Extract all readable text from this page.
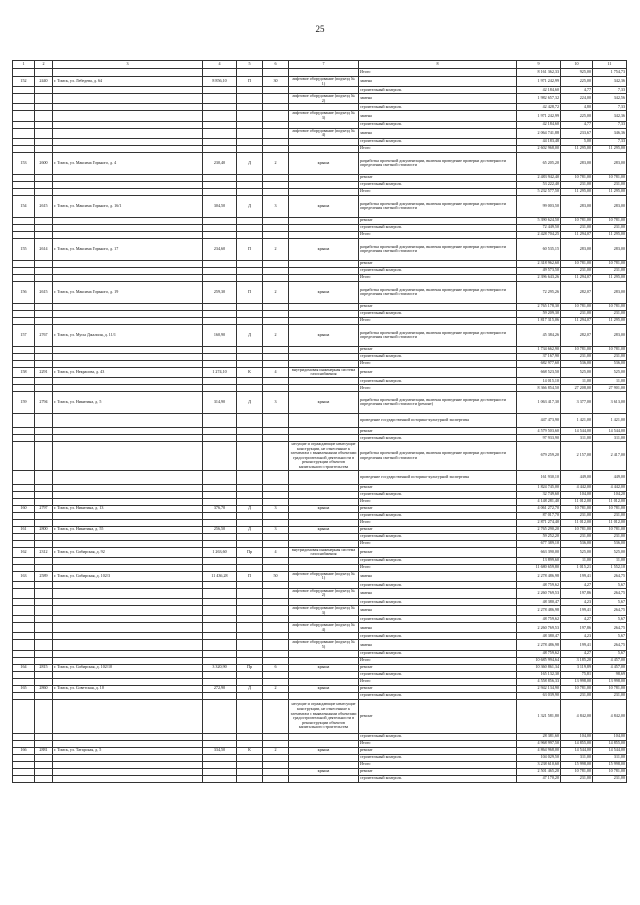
25
1	2	3	4	5	6	7	8	9	10	11
							Итого	8 161 362,33	925,00	1 754,73
152	2440	г. Томск, ул. Лебедева, д. 64	8 856,10	П	30	лифтовое оборудование (подъезд № 1)	замена	1 971 242,99	225,00	342,36
							строительный контроль	42 184,60	4,77	7,33
						лифтовое оборудование (подъезд № 2)	замена	1 982 657,32	224,00	342,56
							строительный контроль	42 428,72	4,80	7,33
						лифтовое оборудование (подъезд № 3)	замена	1 971 242,99	225,00	342,36
							строительный контроль	42 184,60	4,77	7,33
						лифтовое оборудование (подъезд № 4)	замена	2 064 741,88	233,67	346,36
							строительный контроль	44 183,48	5,00	7,33
							Итого	2 602 968,00	11 295,00	11 295,00
153	2600	г. Томск, ул. Максима Горького, д. 4	230,40	Д	2	крыша	разработка проектной документации, включая проведение проверки достоверности определения сметной стоимости	65 205,20	283,00	283,00
							ремонт	2 483 942,40	10 781,00	10 781,00
							строительный контроль	53 222,40	231,00	231,00
							Итого	5 232 577,50	11 295,00	11 295,00
154	2615	г. Томск, ул. Максима Горького, д. 16/1	304,50	Д	3	крыша	разработка проектной документации, включая проведение проверки достоверности определения сметной стоимости	99 003,50	283,00	283,00
							ремонт	5 390 624,50	10 781,00	10 781,00
							строительный контроль	72 449,50	231,00	231,00
							Итого	2 428 704,25	11 294,07	11 295,00
155	2614	г. Томск, ул. Максима Горького, д. 17	234,60	П	2	крыша	разработка проектной документации, включая проведение проверки достоверности определения сметной стоимости	60 535,15	283,00	283,00
							ремонт	2 318 962,60	10 781,00	10 781,00
							строительный контроль	49 573,50	231,00	231,00
							Итого	2 396 643,26	11 294,07	11 295,00
156	2615	г. Томск, ул. Максима Горького, д. 19	259,30	П	2	крыша	разработка проектной документации, включая проведение проверки достоверности определения сметной стоимости	72 295,26	282,07	283,00
							ремонт	2 765 178,30	10 781,00	10 781,00
							строительный контроль	59 209,30	231,00	231,00
							Итого	1 817 315,06	11 294,07	11 295,00
157	2767	г. Томск, ул. Мусы Джалиля, д. 11/1	160,90	Д	2	крыша	разработка проектной документации, включая проведение проверки достоверности определения сметной стоимости	45 384,26	282,07	283,00
							ремонт	1 734 662,90	10 781,00	10 781,00
							строительный контроль	37 167,90	231,00	231,00
							Итого	682 977,60	536,00	536,00
158	2291	г. Томск, ул. Некрасова, д. 43	1 274,10	К	4	внутридомовая инженерная система газоснабжения	ремонт	668 523,50	525,00	525,00
							строительный контроль	14 015,10	11,00	11,00
							Итого	8 366 854,50	27 208,00	27 901,00
159	2794	г. Томск, ул. Никитина, д. 5	314,90	Д	3	крыша	разработка проектной документации, включая проведение проверки достоверности определения сметной стоимости (ремонт)	1 063 417,30	3 377,00	3 613,00
							проведение государственной историко-культурной экспертизы	447 473,90	1 421,00	1 421,00
							ремонт	4 579 503,60	14 544,00	14 544,00
							строительный контроль	97 933,90	311,00	311,00
						несущие и ограждающие ненесущие конструкции, не отнесенные к элементам с выявленными объектами градостроительной деятельности в реконструкции объектов капитального строительства	разработка проектной документации, включая проведение проверки достоверности определения сметной стоимости	679 259,20	2 157,00	2 417,00
							проведение государственной историко-культурной экспертизы	161 930,10	449,00	449,00
							ремонт	1 824 745,00	4 442,00	4 442,00
							строительный контроль	32 749,60	104,00	104,20
							Итого	4 148 281,40	11 012,00	11 012,00
160	2797	г. Томск, ул. Никитина, д. 13	376,70	Д	3	крыша	ремонт	4 061 272,70	10 781,00	10 781,00
							строительный контроль	87 017,70	231,00	231,00
							Итого	2 871 274,40	11 012,00	11 012,00
161	2800	г. Томск, ул. Никитина, д. 55	256,50	Д	3	крыша	ремонт	2 765 290,20	10 781,00	10 781,00
							строительный контроль	59 252,20	231,00	231,00
							Итого	677 389,10	536,00	536,00
162	2312	г. Томск, ул. Сибирская, д. 92	1 263,60	Пр	4	внутридомовая инженерная система газоснабжения	ремонт	663 390,00	525,00	525,00
							строительный контроль	13 899,60	11,00	11,00
							Итого	11 680 659,80	1 015,21	1 552,10
163	2589	г. Томск, ул. Сибирская, д. 102/3	11 436,28	П	50	лифтовое оборудование (подъезд № 1)	замена	2 278 486,98	199,41	264,75
							строительный контроль	48 759,62	4,27	5,67
						лифтовое оборудование (подъезд № 2)	замена	2 260 769,53	197,86	264,75
							строительный контроль	48 380,47	4,23	5,67
						лифтовое оборудование (подъезд № 3)	замена	2 278 486,98	199,41	264,75
							строительный контроль	48 759,62	4,27	5,67
						лифтовое оборудование (подъезд № 4)	замена	2 260 769,53	197,86	264,75
							строительный контроль	48 380,47	4,23	5,67
						лифтовое оборудование (подъезд № 5)	замена	2 278 486,98	199,41	264,75
							строительный контроль	48 759,62	4,27	5,67
							Итого	10 685 994,64	3 185,20	4 457,00
164	2815	г. Томск, ул. Сибирская, д. 102/10	3 320,90	Пр	6	крыша	ремонт	10 360 861,34	3 119,89	4 457,00
							строительный контроль	165 132,30	75,81	98,69
							Итого	4 558 856,33	13 998,00	13 998,00
165	2860	г. Томск, ул. Советская, д. 10	272,90	Д	2	крыша	ремонт	2 942 134,90	10 781,00	10 781,00
							строительный контроль	63 039,90	231,00	231,00
						несущие и ограждающие ненесущие конструкции, не отнесенные к элементам с выявленными объектами градостроительной деятельности в реконструкции объектов капитального строительства	ремонт	1 321 581,80	4 842,00	4 842,00
							строительный контроль	28 381,60	104,00	104,00
							Итого	4 968 997,50	14 855,00	14 855,00
166	2881	г. Томск, ул. Татарская, д. 5	334,50	К	2	крыша	ремонт	4 864 968,00	14 544,00	14 544,00
							строительный контроль	104 029,50	311,00	311,00
							Итого	3 238 610,60	15 998,00	15 998,00
						крыша	ремонт	2 501 465,20	10 781,00	10 781,00
							строительный контроль	47 170,20	231,00	231,00
